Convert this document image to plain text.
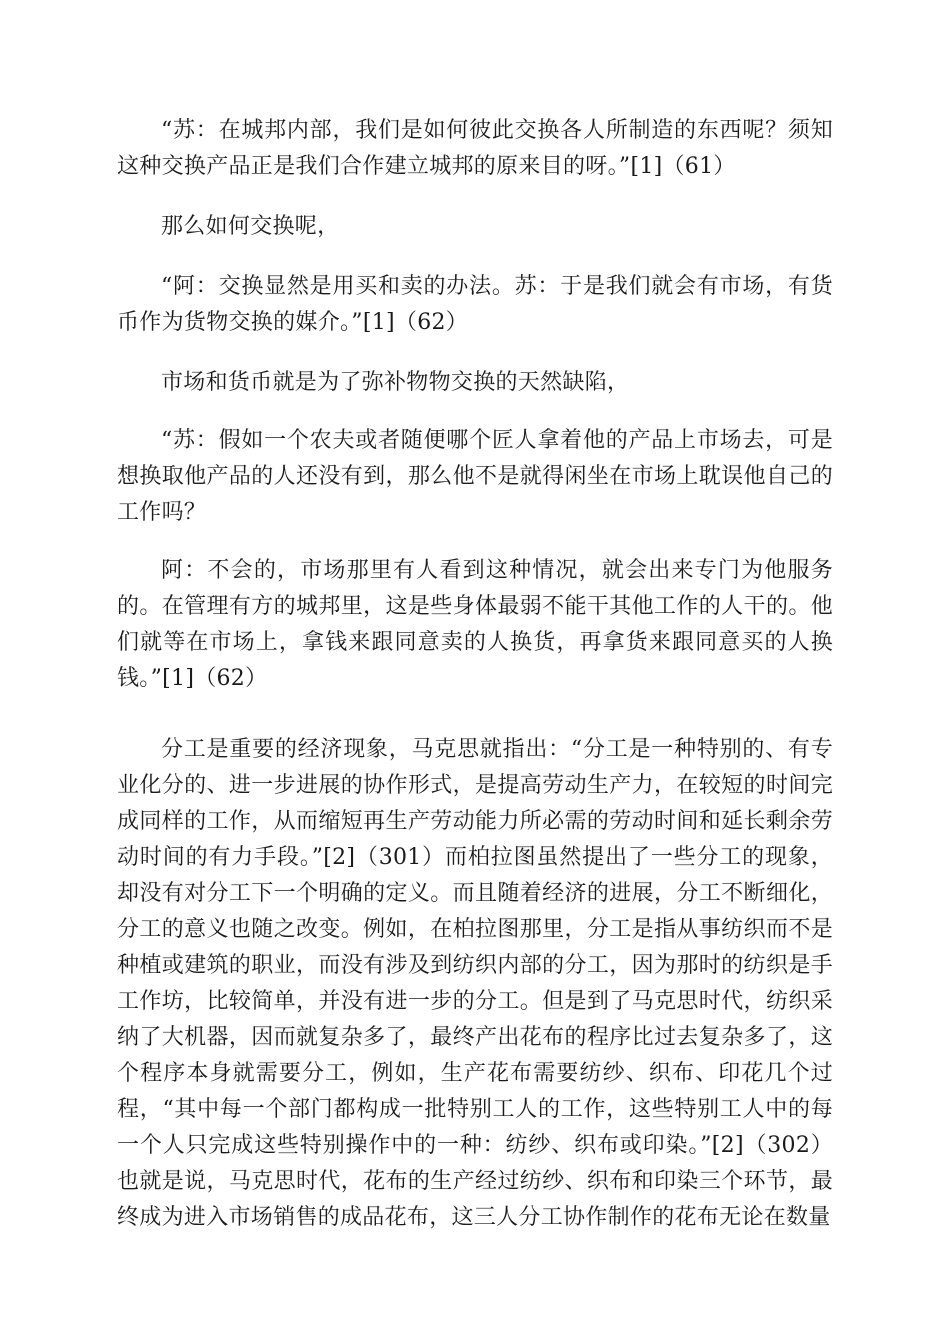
“苏：在城邦内部，我们是如何彼此交换各人所制造的东西呢？须知这种交换产品正是我们合作建立城邦的原来目的呀。”[1]（61）

那么如何交换呢，

“阿：交换显然是用买和卖的办法。苏：于是我们就会有市场，有货币作为货物交换的媒介。”[1]（62）

市场和货币就是为了弥补物物交换的天然缺陷，

“苏：假如一个农夫或者随便哪个匠人拿着他的产品上市场去，可是想换取他产品的人还没有到，那么他不是就得闲坐在市场上耽误他自己的工作吗？

阿：不会的，市场那里有人看到这种情况，就会出来专门为他服务的。在管理有方的城邦里，这是些身体最弱不能干其他工作的人干的。他们就等在市场上，拿钱来跟同意卖的人换货，再拿货来跟同意买的人换钱。”[1]（62）

分工是重要的经济现象，马克思就指出：“分工是一种特别的、有专业化分的、进一步进展的协作形式，是提高劳动生产力，在较短的时间完成同样的工作，从而缩短再生产劳动能力所必需的劳动时间和延长剩余劳动时间的有力手段。”[2]（301）而柏拉图虽然提出了一些分工的现象，却没有对分工下一个明确的定义。而且随着经济的进展，分工不断细化，分工的意义也随之改变。例如，在柏拉图那里，分工是指从事纺织而不是种植或建筑的职业，而没有涉及到纺织内部的分工，因为那时的纺织是手工作坊，比较简单，并没有进一步的分工。但是到了马克思时代，纺织采纳了大机器，因而就复杂多了，最终产出花布的程序比过去复杂多了，这个程序本身就需要分工，例如，生产花布需要纺纱、织布、印花几个过程，“其中每一个部门都构成一批特别工人的工作，这些特别工人中的每一个人只完成这些特别操作中的一种：纺纱、织布或印染。”[2]（302）也就是说，马克思时代，花布的生产经过纺纱、织布和印染三个环节，最终成为进入市场销售的成品花布，这三人分工协作制作的花布无论在数量
